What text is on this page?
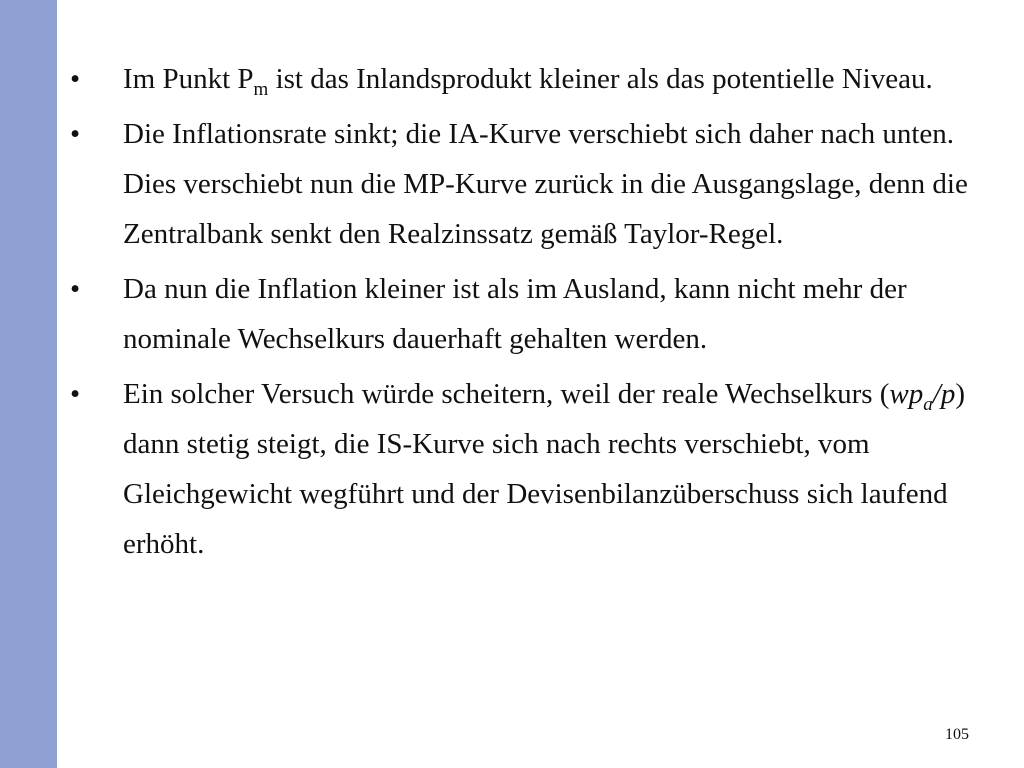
•	Im Punkt $P_m$ ist das Inlandsprodukt kleiner als das potentielle Niveau.
•	Die Inflationsrate sinkt; die IA-Kurve verschiebt sich daher nach unten. Dies verschiebt nun die MP-Kurve zurück in die Ausgangslage, denn die Zentralbank senkt den Realzinssatz gemäß Taylor-Regel.
•	Da nun die Inflation kleiner ist als im Ausland, kann nicht mehr der nominale Wechselkurs dauerhaft gehalten werden.
•	Ein solcher Versuch würde scheitern, weil der reale Wechselkurs $(wp_a/p)$ dann stetig steigt, die IS-Kurve sich nach rechts verschiebt, vom Gleichgewicht wegführt und der Devisenbilanzüberschuss sich laufend erhöht.
105
